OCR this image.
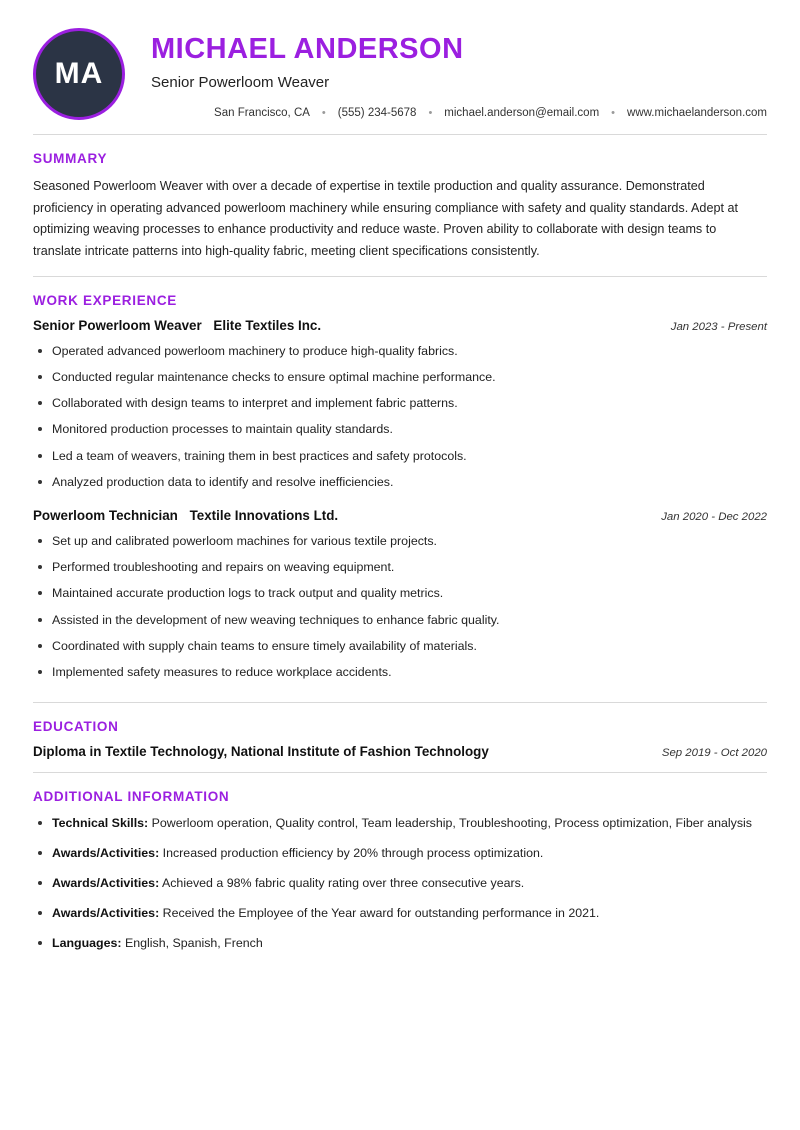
MA
MICHAEL ANDERSON
Senior Powerloom Weaver
San Francisco, CA	•	(555) 234-5678	•	michael.anderson@email.com	•	www.michaelanderson.com
SUMMARY

Seasoned Powerloom Weaver with over a decade of expertise in textile production and quality assurance. Demonstrated proficiency in operating advanced powerloom machinery while ensuring compliance with safety and quality standards. Adept at optimizing weaving processes to enhance productivity and reduce waste. Proven ability to collaborate with design teams to translate intricate patterns into high-quality fabric, meeting client specifications consistently.

WORK EXPERIENCE
Senior Powerloom Weaver Elite Textiles Inc.	Jan 2023 - Present
Operated advanced powerloom machinery to produce high-quality fabrics.
Conducted regular maintenance checks to ensure optimal machine performance.
Collaborated with design teams to interpret and implement fabric patterns.
Monitored production processes to maintain quality standards.
Led a team of weavers, training them in best practices and safety protocols.
Analyzed production data to identify and resolve inefficiencies.
Powerloom Technician Textile Innovations Ltd.	Jan 2020 - Dec 2022
Set up and calibrated powerloom machines for various textile projects.
Performed troubleshooting and repairs on weaving equipment.
Maintained accurate production logs to track output and quality metrics.
Assisted in the development of new weaving techniques to enhance fabric quality.
Coordinated with supply chain teams to ensure timely availability of materials.
Implemented safety measures to reduce workplace accidents.
EDUCATION
Diploma in Textile Technology, National Institute of Fashion Technology	Sep 2019 - Oct 2020
ADDITIONAL INFORMATION
Technical Skills: Powerloom operation, Quality control, Team leadership, Troubleshooting, Process optimization, Fiber analysis
Awards/Activities: Increased production efficiency by 20% through process optimization.
Awards/Activities: Achieved a 98% fabric quality rating over three consecutive years.
Awards/Activities: Received the Employee of the Year award for outstanding performance in 2021.
Languages: English, Spanish, French
